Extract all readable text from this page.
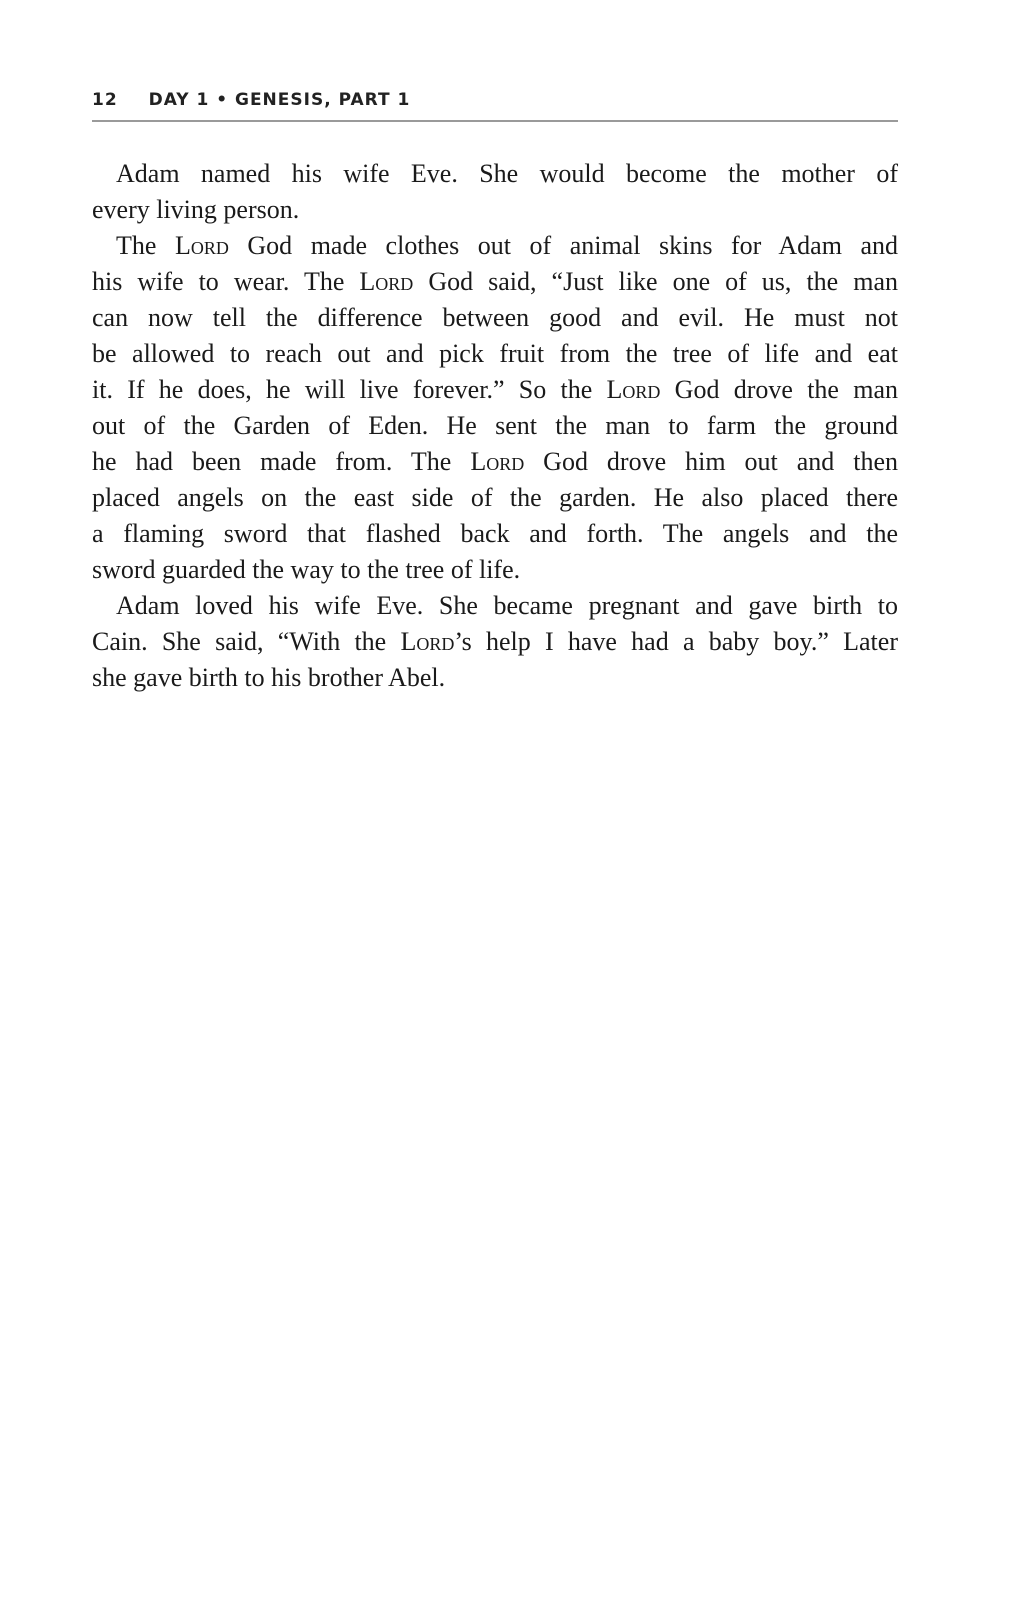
12 DAY 1 • GENESIS, PART 1
Adam named his wife Eve. She would become the mother of
every living person.
The Lord God made clothes out of animal skins for Adam and
his wife to wear. The Lord God said, “Just like one of us, the man
can now tell the difference between good and evil. He must not
be allowed to reach out and pick fruit from the tree of life and eat
it. If he does, he will live forever.” So the Lord God drove the man
out of the Garden of Eden. He sent the man to farm the ground
he had been made from. The Lord God drove him out and then
placed angels on the east side of the garden. He also placed there
a flaming sword that flashed back and forth. The angels and the
sword guarded the way to the tree of life.
Adam loved his wife Eve. She became pregnant and gave birth to
Cain. She said, “With the Lord’s help I have had a baby boy.” Later
she gave birth to his brother Abel.
